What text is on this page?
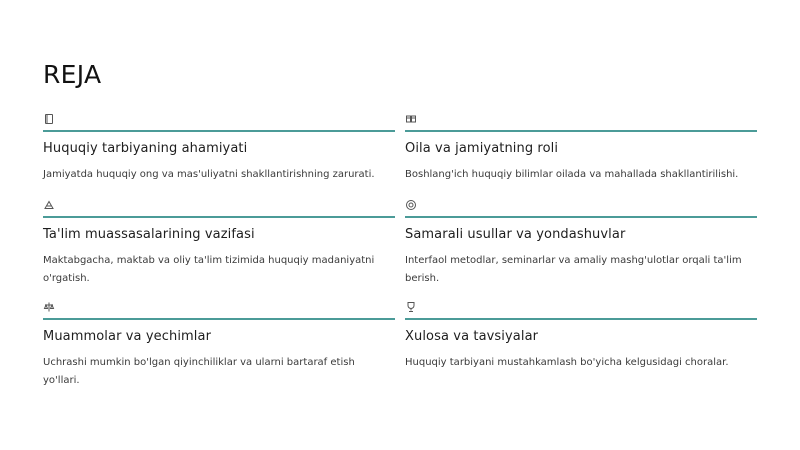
REJA
Huquqiy tarbiyaning ahamiyati
Jamiyatda huquqiy ong va mas'uliyatni shakllantirishning zarurati.
Oila va jamiyatning roli
Boshlang'ich huquqiy bilimlar oilada va mahallada shakllantirilishi.
Ta'lim muassasalarining vazifasi
Maktabgacha, maktab va oliy ta'lim tizimida huquqiy madaniyatni o'rgatish.
Samarali usullar va yondashuvlar
Interfaol metodlar, seminarlar va amaliy mashg'ulotlar orqali ta'lim berish.
Muammolar va yechimlar
Uchrashi mumkin bo'lgan qiyinchiliklar va ularni bartaraf etish yo'llari.
Xulosa va tavsiyalar
Huquqiy tarbiyani mustahkamlash bo'yicha kelgusidagi choralar.
